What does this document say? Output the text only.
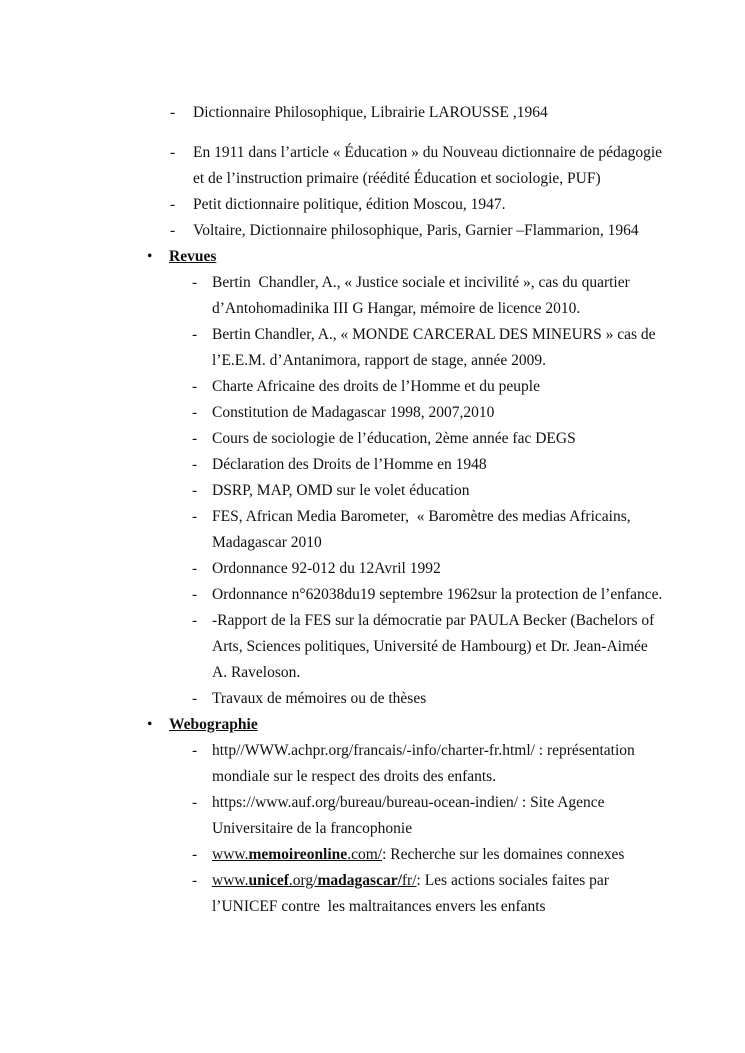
- Dictionnaire Philosophique, Librairie LAROUSSE ,1964
- En 1911 dans l’article « Éducation » du Nouveau dictionnaire de pédagogie
et de l’instruction primaire (réédité Éducation et sociologie, PUF)
- Petit dictionnaire politique, édition Moscou, 1947.
- Voltaire, Dictionnaire philosophique, Paris, Garnier –Flammarion, 1964
• Revues
- Bertin  Chandler, A., « Justice sociale et incivilité », cas du quartier
d’Antohomadinika III G Hangar, mémoire de licence 2010.
- Bertin Chandler, A., « MONDE CARCERAL DES MINEURS » cas de
l’E.E.M. d’Antanimora, rapport de stage, année 2009.
- Charte Africaine des droits de l’Homme et du peuple
- Constitution de Madagascar 1998, 2007,2010
- Cours de sociologie de l’éducation, 2ème année fac DEGS
- Déclaration des Droits de l’Homme en 1948
- DSRP, MAP, OMD sur le volet éducation
- FES, African Media Barometer,  « Baromètre des medias Africains,
Madagascar 2010
- Ordonnance 92-012 du 12Avril 1992
- Ordonnance n°62038du19 septembre 1962sur la protection de l’enfance.
- -Rapport de la FES sur la démocratie par PAULA Becker (Bachelors of
Arts, Sciences politiques, Université de Hambourg) et Dr. Jean-Aimée
A. Raveloson.
- Travaux de mémoires ou de thèses
• Webographie
- http//WWW.achpr.org/francais/-info/charter-fr.html/ : représentation
mondiale sur le respect des droits des enfants.
- https://www.auf.org/bureau/bureau-ocean-indien/ : Site Agence
Universitaire de la francophonie
- www.memoireonline.com/: Recherche sur les domaines connexes
- www.unicef.org/madagascar/fr/: Les actions sociales faites par
l’UNICEF contre  les maltraitances envers les enfants
